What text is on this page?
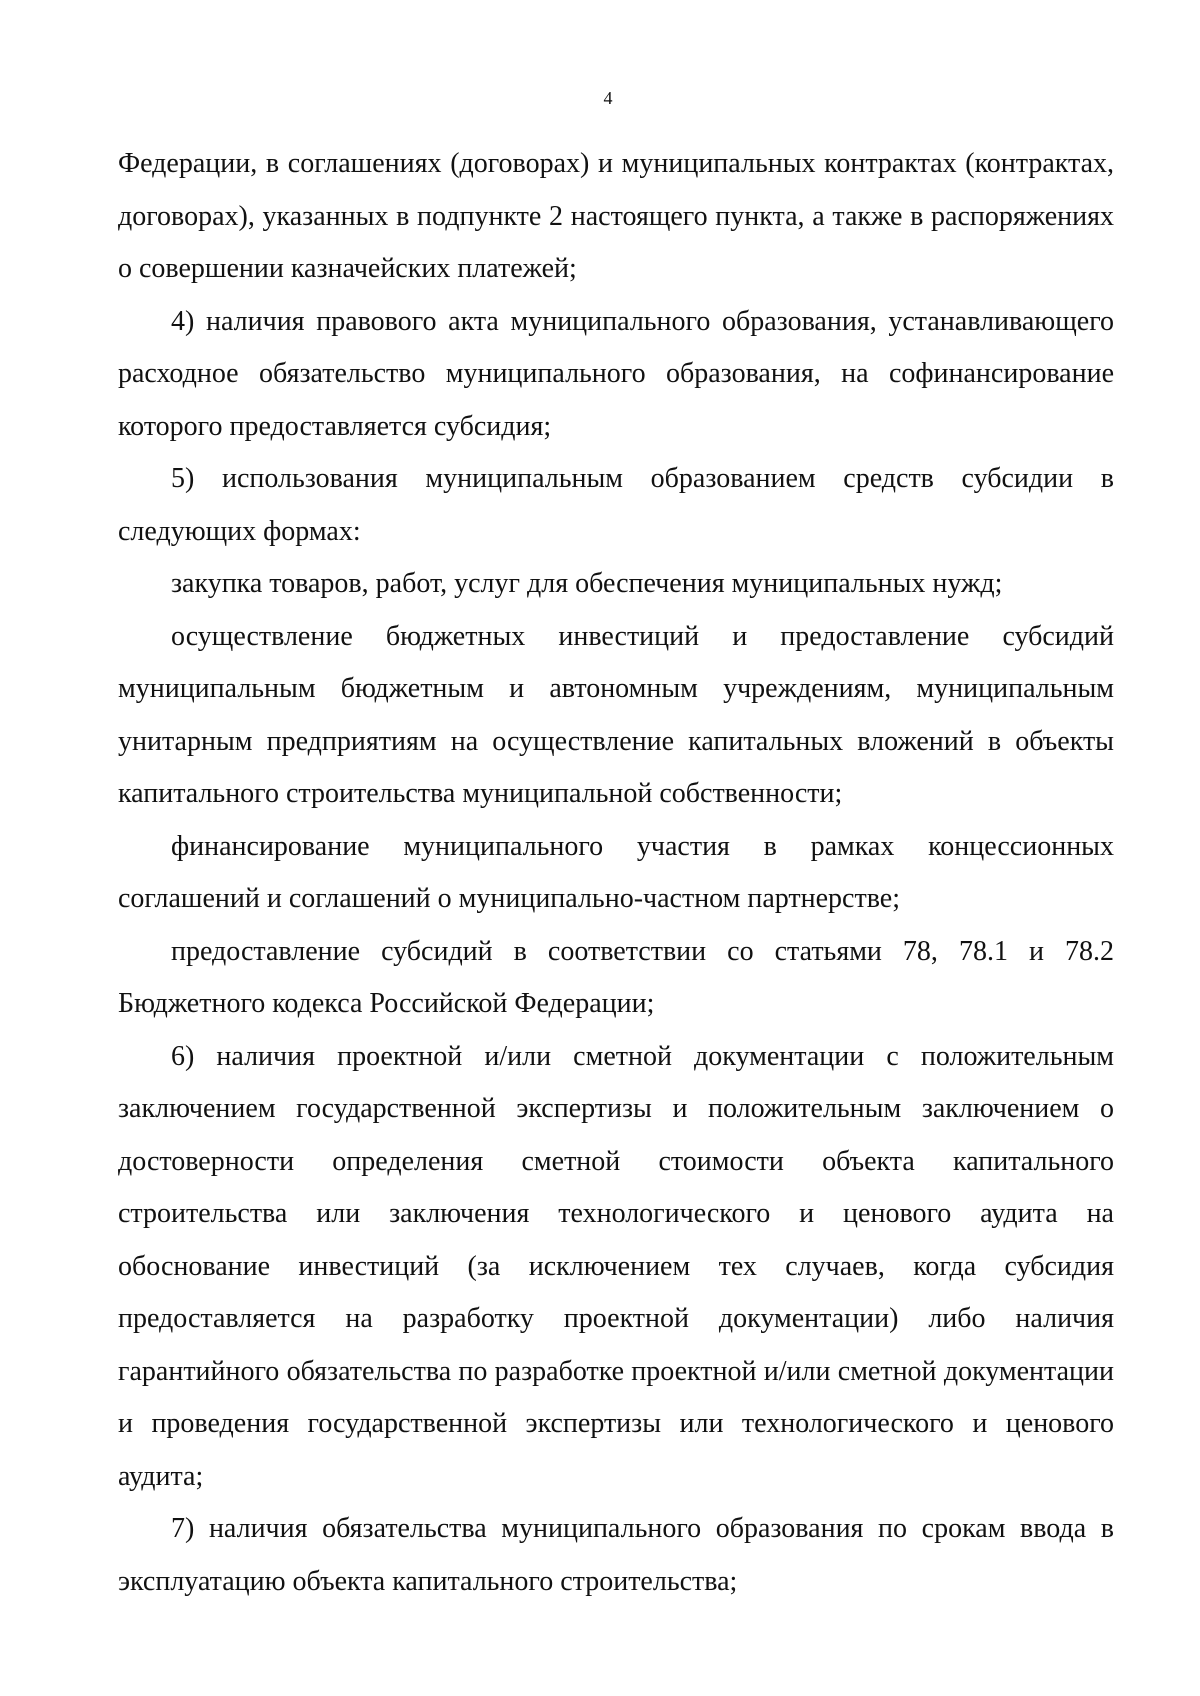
4

Федерации, в соглашениях (договорах) и муниципальных контрактах (контрактах, договорах), указанных в подпункте 2 настоящего пункта, а также в распоряжениях о совершении казначейских платежей;

4) наличия правового акта муниципального образования, устанавливающего расходное обязательство муниципального образования, на софинансирование которого предоставляется субсидия;

5) использования муниципальным образованием средств субсидии в следующих формах:

закупка товаров, работ, услуг для обеспечения муниципальных нужд;

осуществление бюджетных инвестиций и предоставление субсидий муниципальным бюджетным и автономным учреждениям, муниципальным унитарным предприятиям на осуществление капитальных вложений в объекты капитального строительства муниципальной собственности;

финансирование муниципального участия в рамках концессионных соглашений и соглашений о муниципально-частном партнерстве;

предоставление субсидий в соответствии со статьями 78, 78.1 и 78.2 Бюджетного кодекса Российской Федерации;

6) наличия проектной и/или сметной документации с положительным заключением государственной экспертизы и положительным заключением о достоверности определения сметной стоимости объекта капитального строительства или заключения технологического и ценового аудита на обоснование инвестиций (за исключением тех случаев, когда субсидия предоставляется на разработку проектной документации) либо наличия гарантийного обязательства по разработке проектной и/или сметной документации и проведения государственной экспертизы или технологического и ценового аудита;

7) наличия обязательства муниципального образования по срокам ввода в эксплуатацию объекта капитального строительства;
